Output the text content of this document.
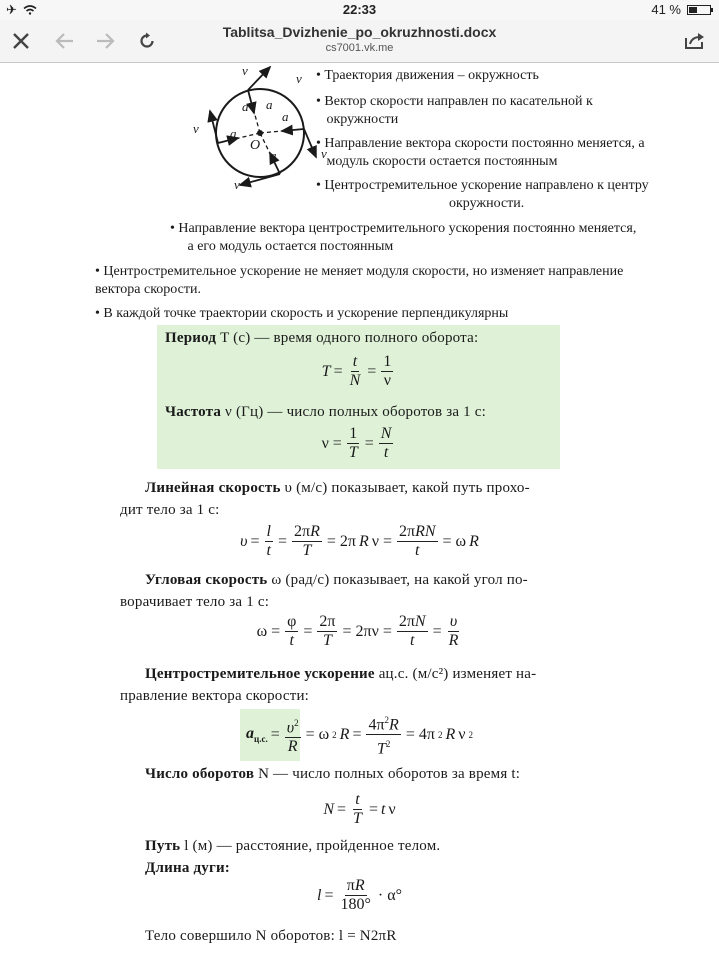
✈	22:33	41 %
Tablitsa_Dvizhenie_po_okruzhnosti.docx
cs7001.vk.me
v
v
v
v
v
a a
a
a
a
O
• Траектория движения – окружность
• Вектор скорости направлен по касательной к
окружности
• Направление вектора скорости постоянно меняется, а
модуль скорости остается постоянным
• Центростремительное ускорение направлено к центру
окружности.
• Направление вектора центростремительного ускорения постоянно меняется,
а его модуль остается постоянным
• Центростремительное ускорение не меняет модуля скорости, но изменяет направление
вектора скорости.
• В каждой точке траектории скорость и ускорение перпендикулярны
Период T (с) — время одного полного оборота:
$T = \frac{t}{N} = \frac{1}{\nu}$
Частота ν (Гц) — число полных оборотов за 1 с:
$\nu = \frac{1}{T} = \frac{N}{t}$
Линейная скорость υ (м/с) показывает, какой путь прохо-
дит тело за 1 с:
$\upsilon = \frac{l}{t} = \frac{2\pi R}{T} = 2\pi$ R $\nu = \frac{\text{2πRN}}{t} = \omega$ R
Угловая скорость ω (рад/с) показывает, на какой угол по-
ворачивает тело за 1 с:
$\omega = \frac{\varphi}{t} = \frac{2\pi}{T} = 2\pi\nu = \frac{2\pi N}{t} = \frac{\upsilon}{R}$
Центростремительное ускорение aц.с. (м/с²) изменяет на-
правление вектора скорости:
$a_{ц.с.} = \frac{\upsilon^2}{R} = \omega$ 2 $R = \frac{4\pi^2R}{T^2} = 4\pi$ 2 R ν 2
Число оборотов N — число полных оборотов за время t:
$N = \frac{t}{T} = t$ ν
Путь l (м) — расстояние, пройденное телом.
Длина дуги:
$l = \frac{\pi R}{180^\circ} \cdot \alpha^\circ$
Тело совершило N оборотов: l = N2πR
